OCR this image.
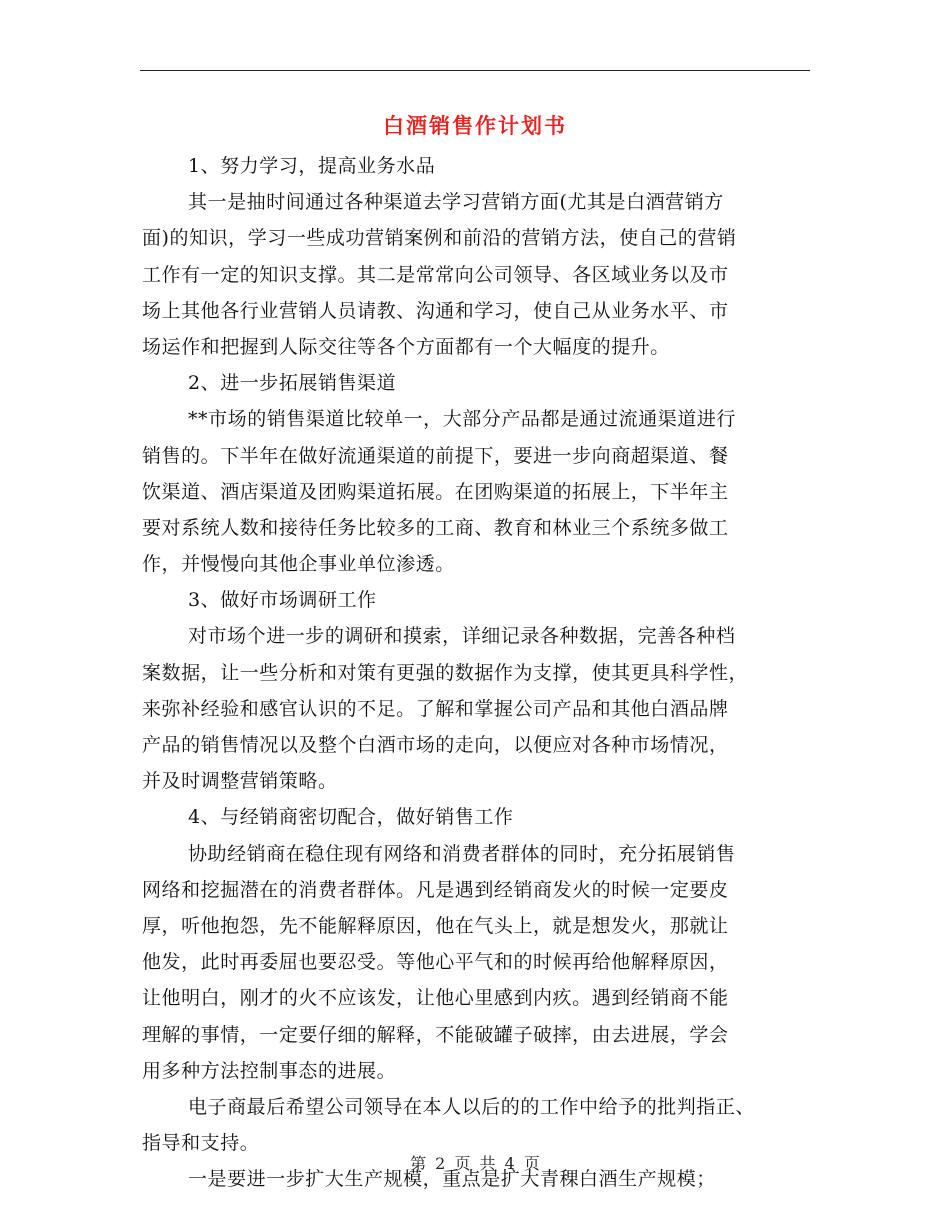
白酒销售作计划书
1、努力学习，提高业务水品
其一是抽时间通过各种渠道去学习营销方面(尤其是白酒营销方
面)的知识，学习一些成功营销案例和前沿的营销方法，使自己的营销
工作有一定的知识支撑。其二是常常向公司领导、各区域业务以及市
场上其他各行业营销人员请教、沟通和学习，使自己从业务水平、市
场运作和把握到人际交往等各个方面都有一个大幅度的提升。
2、进一步拓展销售渠道
**市场的销售渠道比较单一，大部分产品都是通过流通渠道进行
销售的。下半年在做好流通渠道的前提下，要进一步向商超渠道、餐
饮渠道、酒店渠道及团购渠道拓展。在团购渠道的拓展上，下半年主
要对系统人数和接待任务比较多的工商、教育和林业三个系统多做工
作，并慢慢向其他企事业单位渗透。
3、做好市场调研工作
对市场个进一步的调研和摸索，详细记录各种数据，完善各种档
案数据，让一些分析和对策有更强的数据作为支撑，使其更具科学性，
来弥补经验和感官认识的不足。了解和掌握公司产品和其他白酒品牌
产品的销售情况以及整个白酒市场的走向，以便应对各种市场情况，
并及时调整营销策略。
4、与经销商密切配合，做好销售工作
协助经销商在稳住现有网络和消费者群体的同时，充分拓展销售
网络和挖掘潜在的消费者群体。凡是遇到经销商发火的时候一定要皮
厚，听他抱怨，先不能解释原因，他在气头上，就是想发火，那就让
他发，此时再委屈也要忍受。等他心平气和的时候再给他解释原因，
让他明白，刚才的火不应该发，让他心里感到内疚。遇到经销商不能
理解的事情，一定要仔细的解释，不能破罐子破摔，由去进展，学会
用多种方法控制事态的进展。
电子商最后希望公司领导在本人以后的的工作中给予的批判指正、
指导和支持。
一是要进一步扩大生产规模，重点是扩大青稞白酒生产规模；
第 2 页 共 4 页
